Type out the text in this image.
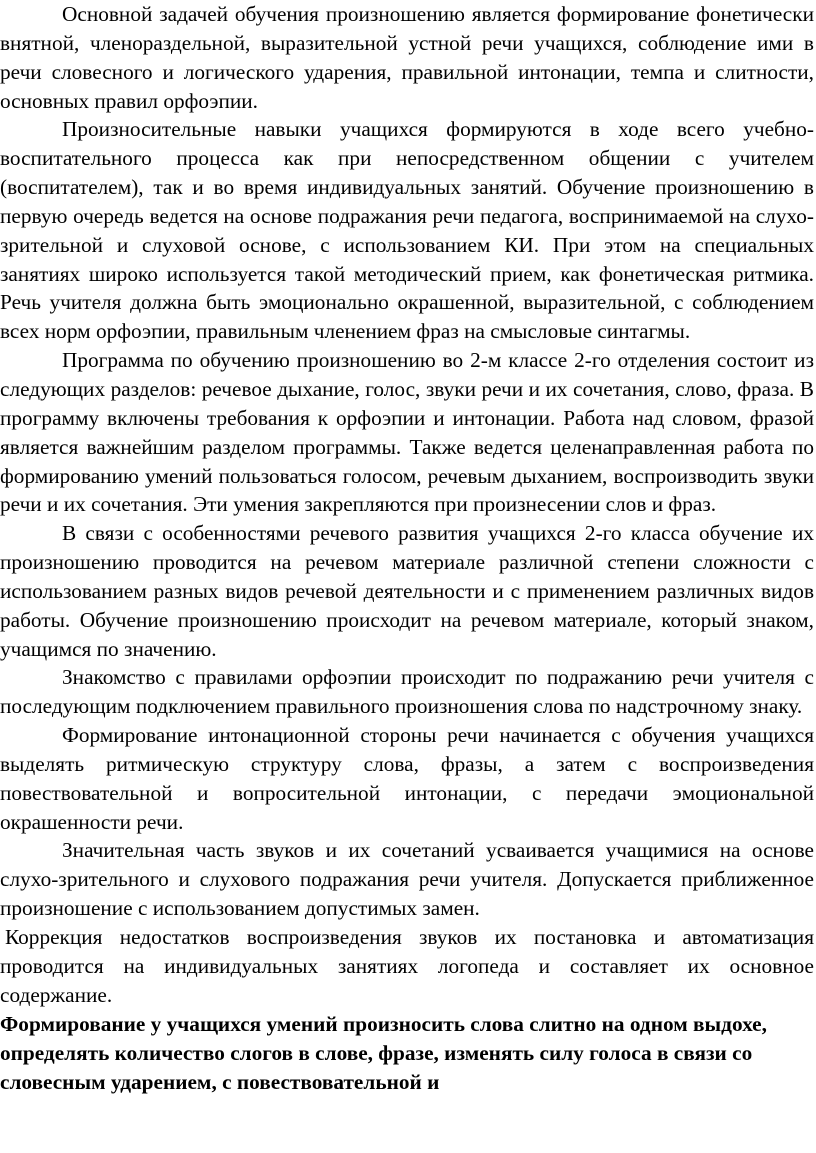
Основной задачей обучения произношению является формирование фонетически внятной, членораздельной, выразительной устной речи учащихся, соблюдение ими в речи словесного и логического ударения, правильной интонации, темпа и слитности, основных правил орфоэпии.

Произносительные навыки учащихся формируются в ходе всего учебно-воспитательного процесса как при непосредственном общении с учителем (воспитателем), так и во время индивидуальных занятий. Обучение произношению в первую очередь ведется на основе подражания речи педагога, воспринимаемой на слухо-зрительной и слуховой основе, с использованием КИ. При этом на специальных занятиях широко используется такой методический прием, как фонетическая ритмика. Речь учителя должна быть эмоционально окрашенной, выразительной, с соблюдением всех норм орфоэпии, правильным членением фраз на смысловые синтагмы.

Программа по обучению произношению во 2-м классе 2-го отделения состоит из следующих разделов: речевое дыхание, голос, звуки речи и их сочетания, слово, фраза. В программу включены требования к орфоэпии и интонации. Работа над словом, фразой является важнейшим разделом программы. Также ведется целенаправленная работа по формированию умений пользоваться голосом, речевым дыханием, воспроизводить звуки речи и их сочетания. Эти умения закрепляются при произнесении слов и фраз.

В связи с особенностями речевого развития учащихся 2-го класса обучение их произношению проводится на речевом материале различной степени сложности с использованием разных видов речевой деятельности и с применением различных видов работы. Обучение произношению происходит на речевом материале, который знаком, учащимся по значению.

Знакомство с правилами орфоэпии происходит по подражанию речи учителя с последующим подключением правильного произношения слова по надстрочному знаку.

Формирование интонационной стороны речи начинается с обучения учащихся выделять ритмическую структуру слова, фразы, а затем с воспроизведения повествовательной и вопросительной интонации, с передачи эмоциональной окрашенности речи.

Значительная часть звуков и их сочетаний усваивается учащимися на основе слухо-зрительного и слухового подражания речи учителя. Допускается приближенное произношение с использованием допустимых замен.

Коррекция недостатков воспроизведения звуков их постановка и автоматизация проводится на индивидуальных занятиях логопеда и составляет их основное содержание.

Формирование у учащихся умений произносить слова слитно на одном выдохе, определять количество слогов в слове, фразе, изменять силу голоса в связи со словесным ударением, с повествовательной и
